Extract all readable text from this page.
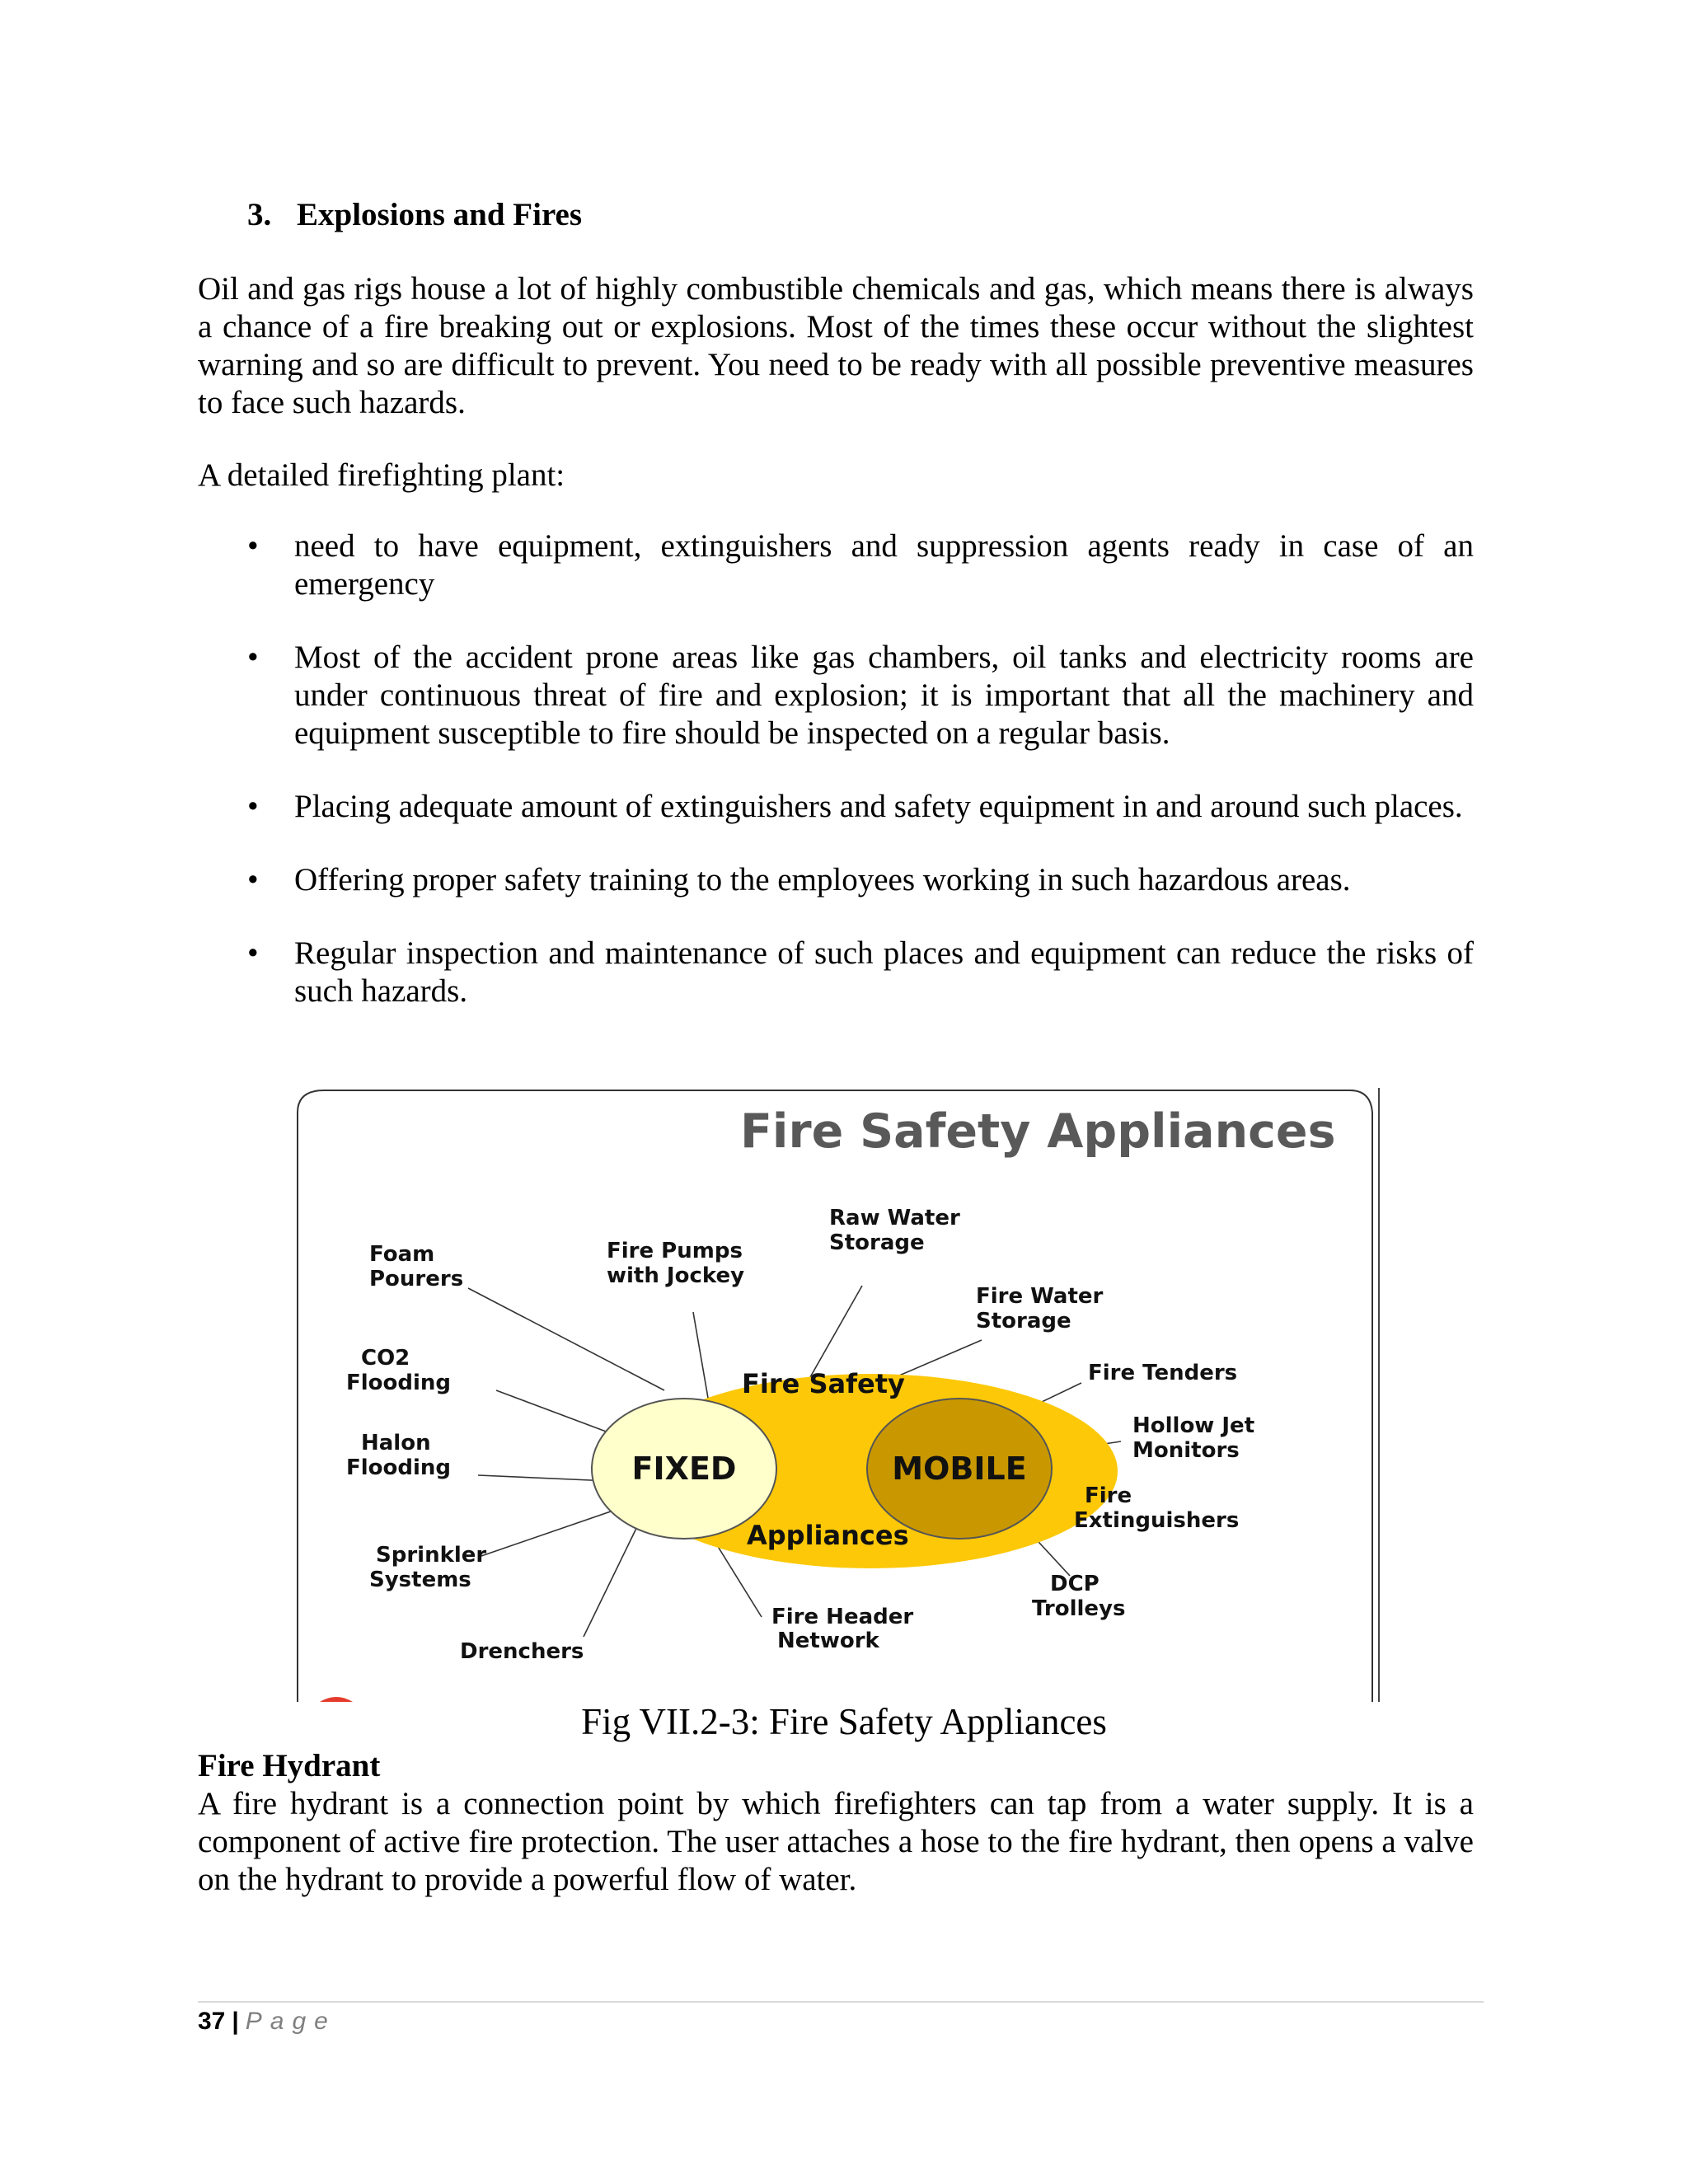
3. Explosions and Fires
Oil and gas rigs house a lot of highly combustible chemicals and gas, which means there is always a chance of a fire breaking out or explosions. Most of the times these occur without the slightest warning and so are difficult to prevent. You need to be ready with all possible preventive measures to face such hazards.
A detailed firefighting plant:
•	need to have equipment, extinguishers and suppression agents ready in case of an emergency
•	Most of the accident prone areas like gas chambers, oil tanks and electricity rooms are under continuous threat of fire and explosion; it is important that all the machinery and equipment susceptible to fire should be inspected on a regular basis.
•	Placing adequate amount of extinguishers and safety equipment in and around such places.
•	Offering proper safety training to the employees working in such hazardous areas.
•	Regular inspection and maintenance of such places and equipment can reduce the risks of such hazards.
Fire Safety Appliances
Fire Safety
Appliances
FIXED	MOBILE
Foam
Pourers
CO2
Flooding
Halon
Flooding
Sprinkler
Systems
Drenchers
Fire Pumps
with Jockey
Raw Water
Storage
Fire Header
Network
Fire Water
Storage
Fire Tenders
Hollow Jet
Monitors
Fire
Extinguishers
DCP
Trolleys
Fig VII.2-3: Fire Safety Appliances
Fire Hydrant
A fire hydrant is a connection point by which firefighters can tap from a water supply. It is a component of active fire protection. The user attaches a hose to the fire hydrant, then opens a valve on the hydrant to provide a powerful flow of water.
37 | Page
